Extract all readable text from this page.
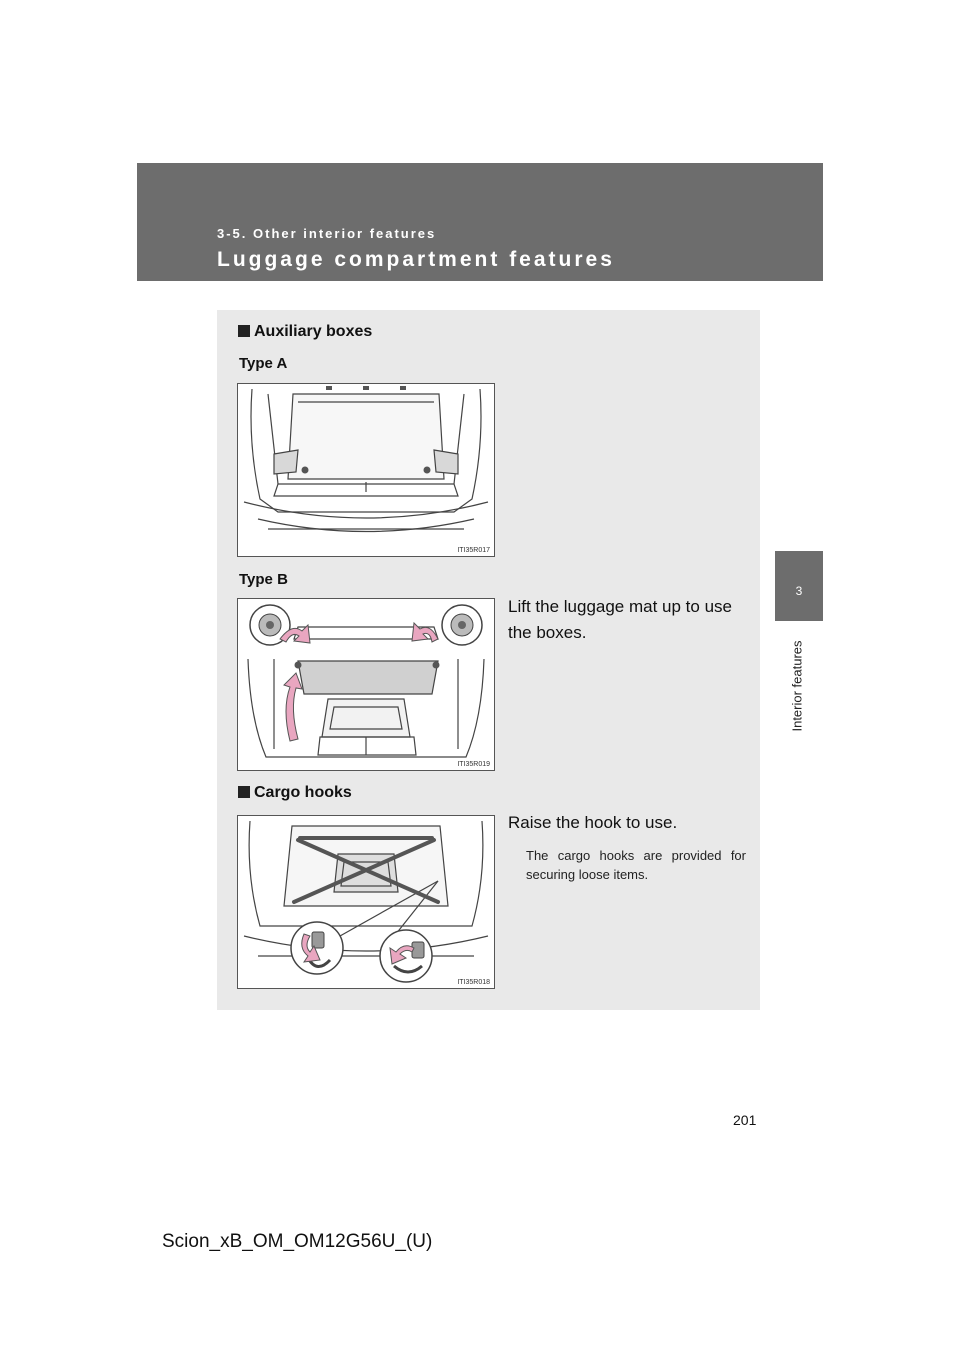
3-5. Other interior features
Luggage compartment features
3
Interior features
Auxiliary boxes
Type A
ITI35R017
Type B
ITI35R019
Lift the luggage mat up to use
the boxes.
Cargo hooks
ITI35R018
Raise the hook to use.
The cargo hooks are provided for securing loose items.
201
Scion_xB_OM_OM12G56U_(U)
